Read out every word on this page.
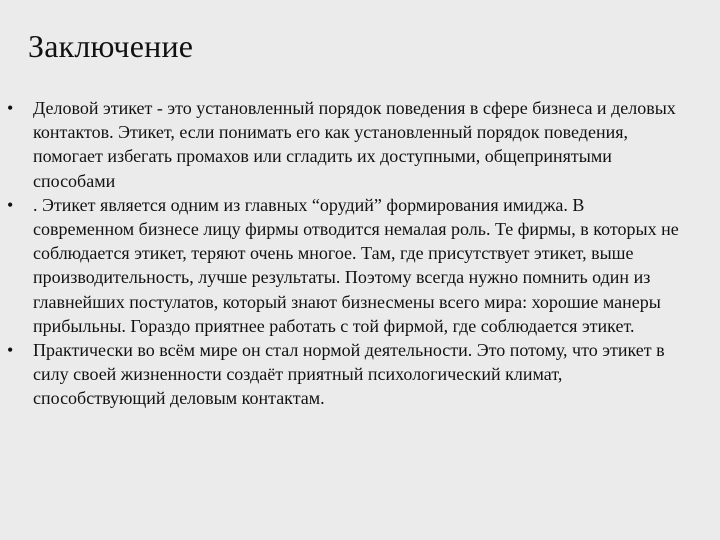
Заключение
• Деловой этикет - это установленный порядок поведения в сфере бизнеса и деловых контактов. Этикет, если понимать его как установленный порядок поведения, помогает избегать промахов или сгладить их доступными, общепринятыми способами
• . Этикет является одним из главных “орудий” формирования имиджа. В современном бизнесе лицу фирмы отводится немалая роль. Те фирмы, в которых не соблюдается этикет, теряют очень многое. Там, где присутствует этикет, выше производительность, лучше результаты. Поэтому всегда нужно помнить один из главнейших постулатов, который знают бизнесмены всего мира: хорошие манеры прибыльны. Гораздо приятнее работать с той фирмой, где соблюдается этикет.
• Практически во всём мире он стал нормой деятельности. Это потому, что этикет в силу своей жизненности создаёт приятный психологический климат, способствующий деловым контактам.
